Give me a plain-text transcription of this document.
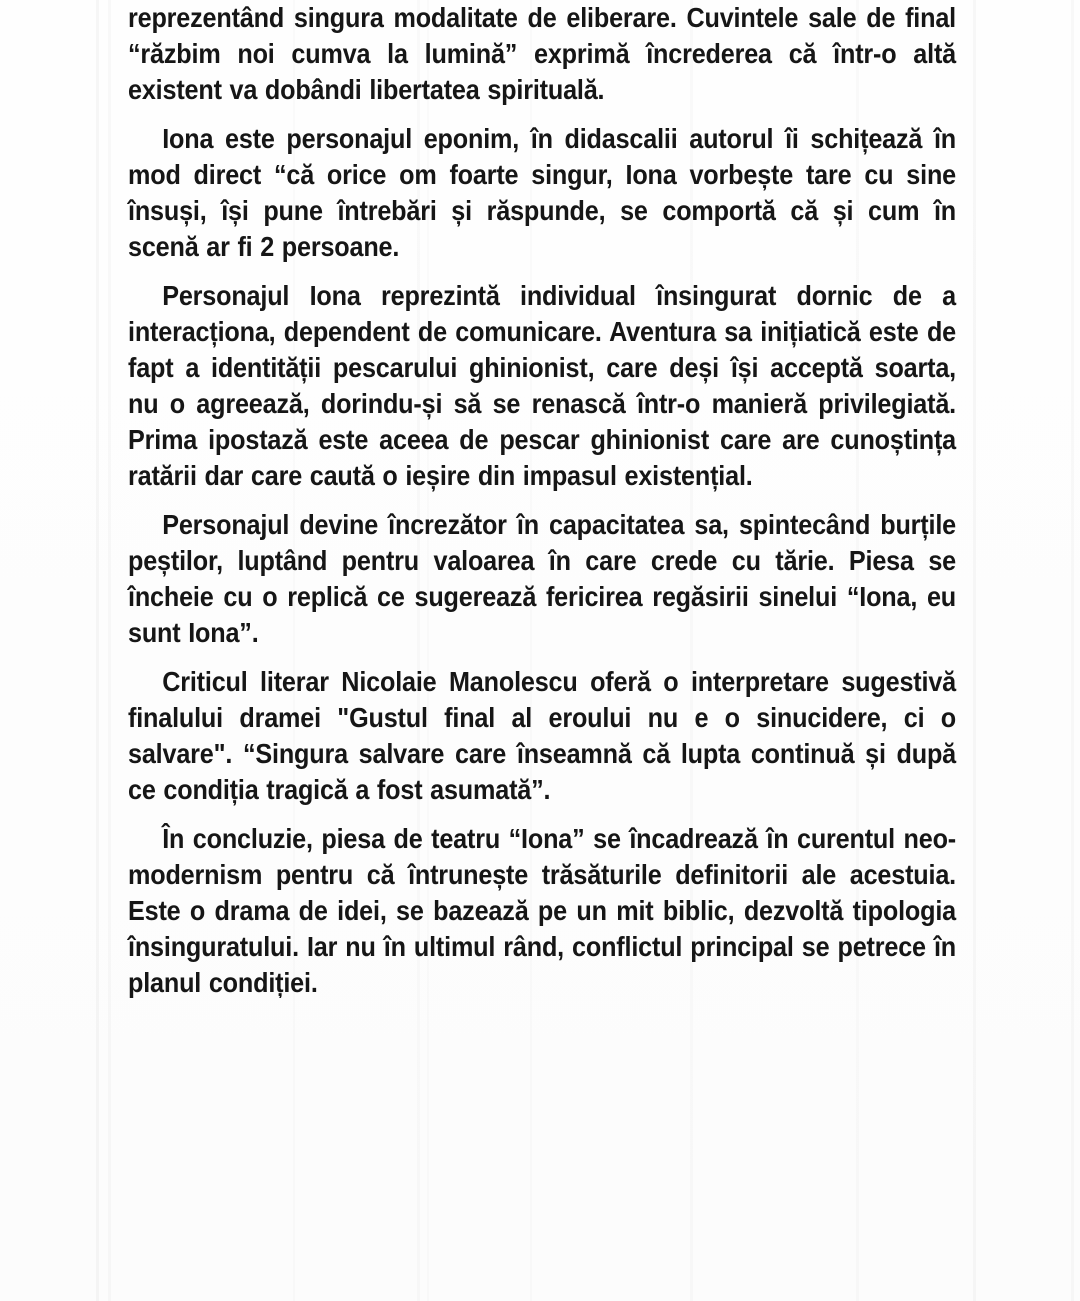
reprezentând singura modalitate de eliberare. Cuvintele sale de final “răzbim noi cumva la lumină” exprimă încrederea că într-o altă existent va dobândi libertatea spirituală.

Iona este personajul eponim, în didascalii autorul îi schițează în mod direct “că orice om foarte singur, Iona vorbește tare cu sine însuși, își pune întrebări și răspunde, se comportă că și cum în scenă ar fi 2 persoane.

Personajul Iona reprezintă individual însingurat dornic de a interacționa, dependent de comunicare. Aventura sa inițiatică este de fapt a identității pescarului ghinionist, care deși își acceptă soarta, nu o agreează, dorindu-și să se renască într-o manieră privilegiată. Prima ipostază este aceea de pescar ghinionist care are cunoștința ratării dar care caută o ieșire din impasul existențial.

Personajul devine încrezător în capacitatea sa, spintecând burțile peștilor, luptând pentru valoarea în care crede cu tărie. Piesa se încheie cu o replică ce sugerează fericirea regăsirii sinelui “Iona, eu sunt Iona”.

Criticul literar Nicolaie Manolescu oferă o interpretare sugestivă finalului dramei "Gustul final al eroului nu e o sinucidere, ci o salvare". “Singura salvare care înseamnă că lupta continuă și după ce condiția tragică a fost asumată”.

În concluzie, piesa de teatru “Iona” se încadrează în curentul neo-modernism pentru că întrunește trăsăturile definitorii ale acestuia. Este o drama de idei, se bazează pe un mit biblic, dezvoltă tipologia însinguratului. Iar nu în ultimul rând, conflictul principal se petrece în planul condiției.
